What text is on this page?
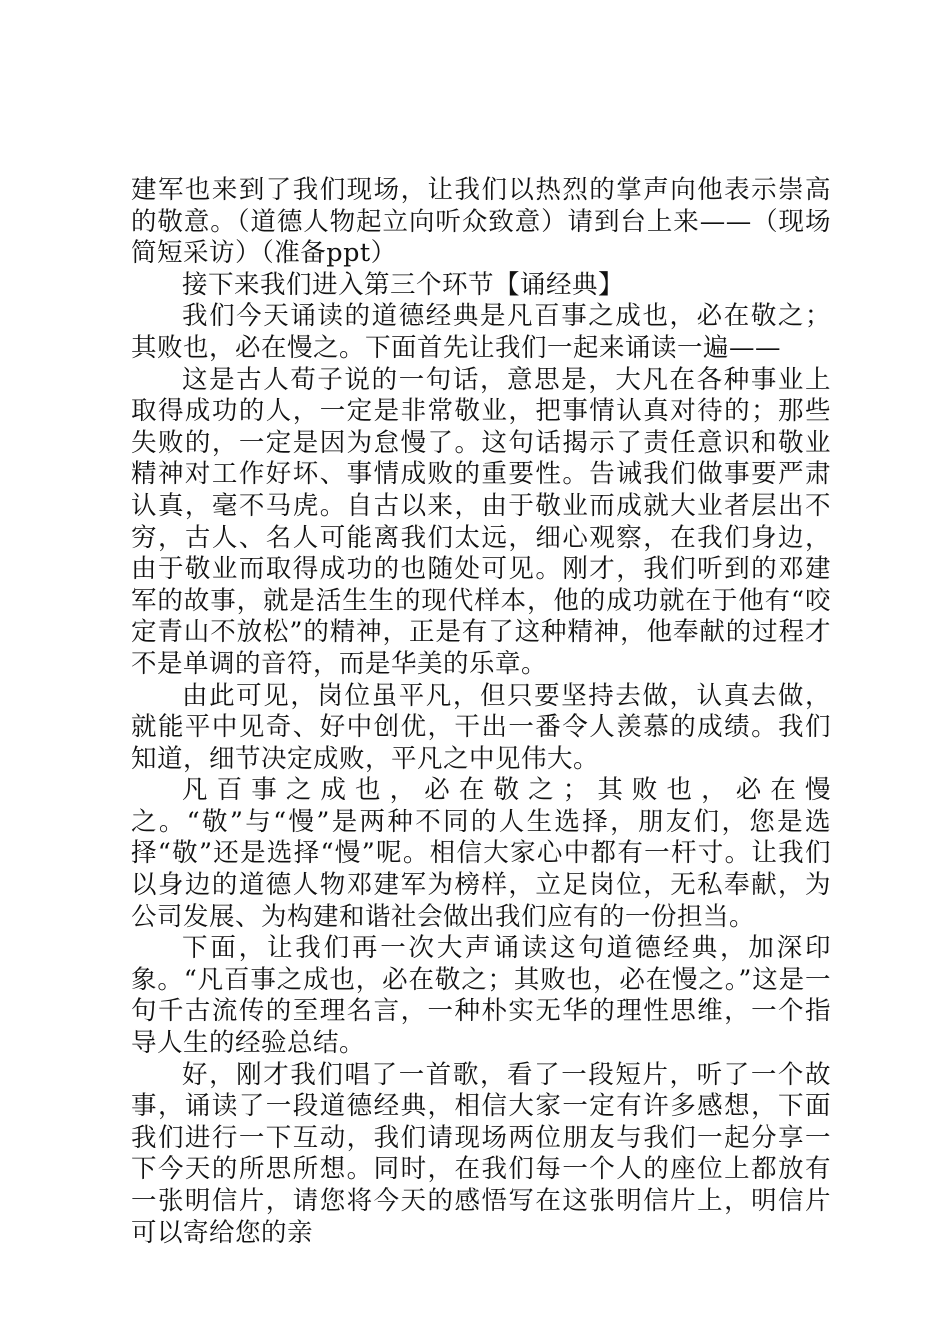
建军也来到了我们现场，让我们以热烈的掌声向他表示崇高的敬意。（道德人物起立向听众致意）请到台上来——（现场简短采访）（准备ppt）

接下来我们进入第三个环节【诵经典】

我们今天诵读的道德经典是凡百事之成也，必在敬之；其败也，必在慢之。下面首先让我们一起来诵读一遍——

这是古人荀子说的一句话，意思是，大凡在各种事业上取得成功的人，一定是非常敬业，把事情认真对待的；那些失败的，一定是因为怠慢了。这句话揭示了责任意识和敬业精神对工作好坏、事情成败的重要性。告诫我们做事要严肃认真，毫不马虎。自古以来，由于敬业而成就大业者层出不穷，古人、名人可能离我们太远，细心观察，在我们身边，由于敬业而取得成功的也随处可见。刚才，我们听到的邓建军的故事，就是活生生的现代样本，他的成功就在于他有“咬定青山不放松”的精神，正是有了这种精神，他奉献的过程才不是单调的音符，而是华美的乐章。

由此可见，岗位虽平凡，但只要坚持去做，认真去做，就能平中见奇、好中创优，干出一番令人羡慕的成绩。我们知道，细节决定成败，平凡之中见伟大。

凡百事之成也，必在敬之；其败也，必在慢之。“敬”与“慢”是两种不同的人生选择，朋友们，您是选择“敬”还是选择“慢”呢。相信大家心中都有一杆寸。让我们以身边的道德人物邓建军为榜样，立足岗位，无私奉献，为公司发展、为构建和谐社会做出我们应有的一份担当。

下面，让我们再一次大声诵读这句道德经典，加深印象。“凡百事之成也，必在敬之；其败也，必在慢之。”这是一句千古流传的至理名言，一种朴实无华的理性思维，一个指导人生的经验总结。

好，刚才我们唱了一首歌，看了一段短片，听了一个故事，诵读了一段道德经典，相信大家一定有许多感想，下面我们进行一下互动，我们请现场两位朋友与我们一起分享一下今天的所思所想。同时，在我们每一个人的座位上都放有一张明信片，请您将今天的感悟写在这张明信片上，明信片可以寄给您的亲
